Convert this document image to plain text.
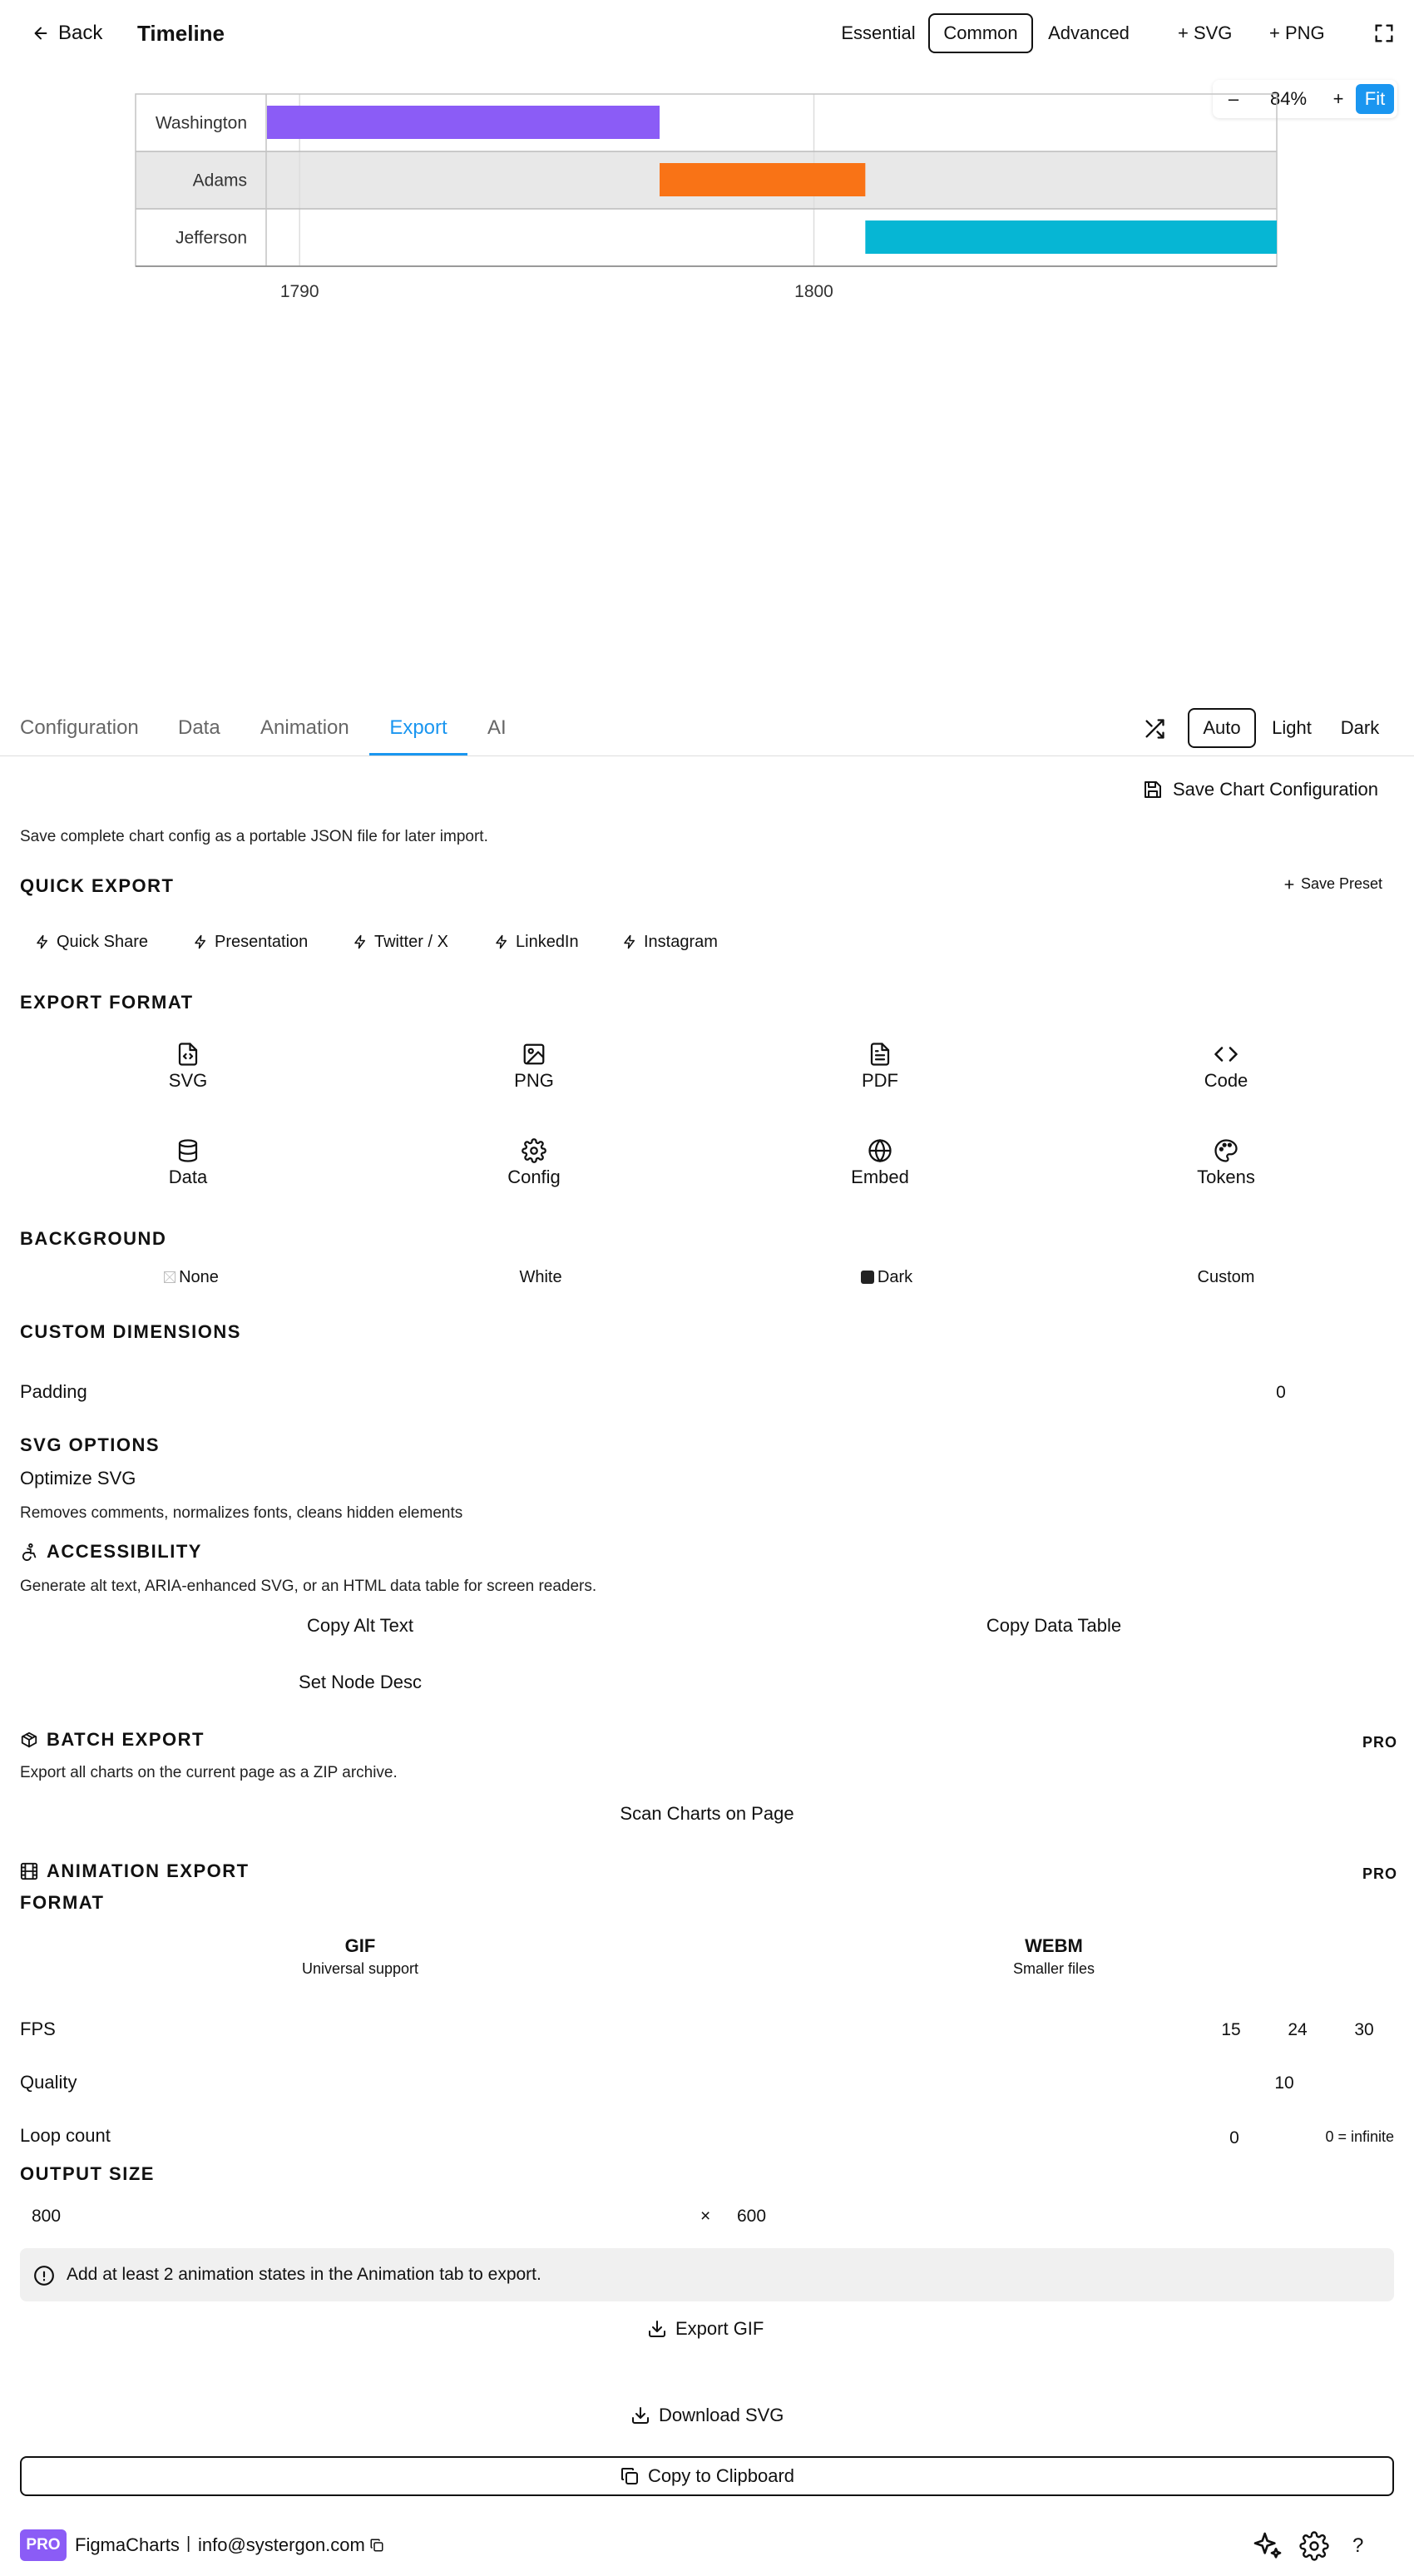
Back Timeline	Essential	Common	Advanced	+ SVG + PNG
–	84%	+	Fit
Washington
Adams
Jefferson
1790	1800
Configuration Data Animation	Export	AI	Auto	Light	Dark
Save Chart Configuration
Save complete chart config as a portable JSON file for later import.
QUICK EXPORT	Save Preset
Quick Share	Presentation	Twitter / X	LinkedIn	Instagram
EXPORT FORMAT
SVG	PNG	PDF	Code
Data	Config	Embed	Tokens
BACKGROUND
None	White	Dark	Custom
CUSTOM DIMENSIONS
Padding	0
SVG OPTIONS
Optimize SVG
Removes comments, normalizes fonts, cleans hidden elements
ACCESSIBILITY
Generate alt text, ARIA-enhanced SVG, or an HTML data table for screen readers.
Copy Alt Text	Copy Data Table
Set Node Desc
BATCH EXPORT	PRO
Export all charts on the current page as a ZIP archive.
Scan Charts on Page
ANIMATION EXPORT	PRO
FORMAT
GIF
Universal support
WEBM
Smaller files
FPS	15	24	30
Quality	10
Loop count	0	0 = infinite
OUTPUT SIZE
800	× 600
Add at least 2 animation states in the Animation tab to export.
Export GIF
Download SVG
Copy to Clipboard
PRO FigmaCharts | info@systergon.com	?
